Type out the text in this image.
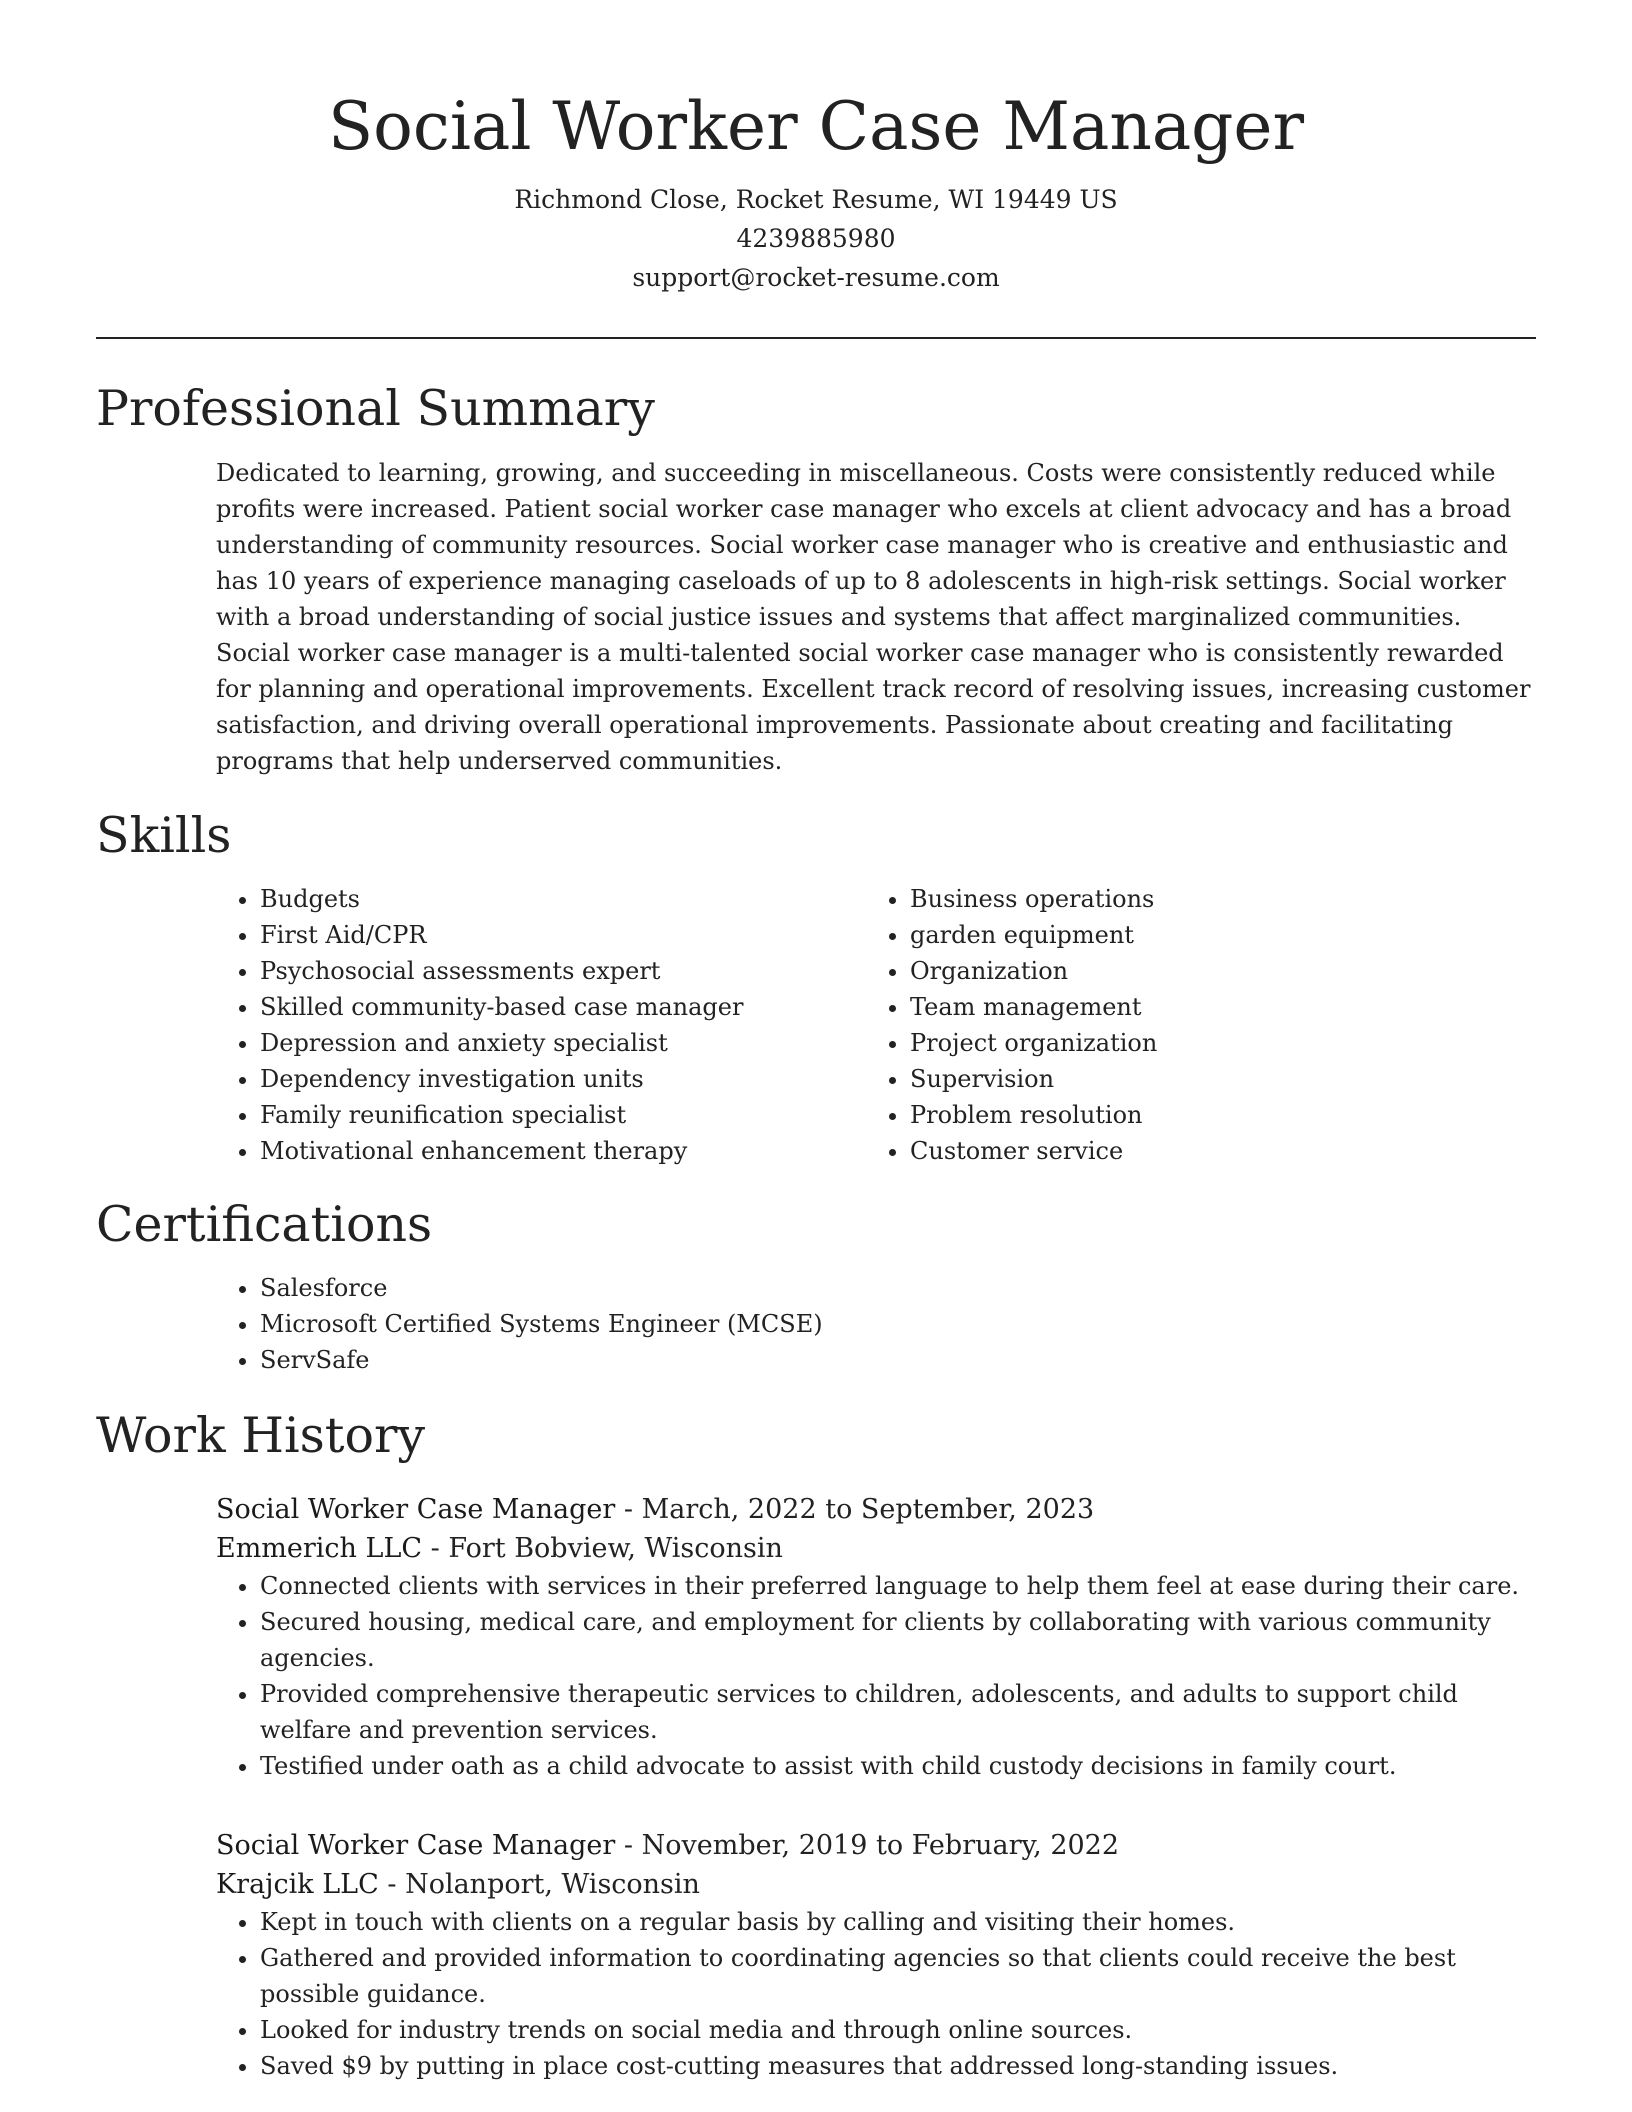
Social Worker Case Manager
Richmond Close, Rocket Resume, WI 19449 US
4239885980
support@rocket-resume.com
Professional Summary
Dedicated to learning, growing, and succeeding in miscellaneous. Costs were consistently reduced while profits were increased. Patient social worker case manager who excels at client advocacy and has a broad understanding of community resources. Social worker case manager who is creative and enthusiastic and has 10 years of experience managing caseloads of up to 8 adolescents in high-risk settings. Social worker with a broad understanding of social justice issues and systems that affect marginalized communities. Social worker case manager is a multi-talented social worker case manager who is consistently rewarded for planning and operational improvements. Excellent track record of resolving issues, increasing customer satisfaction, and driving overall operational improvements. Passionate about creating and facilitating programs that help underserved communities.
Skills
• Budgets
• First Aid/CPR
• Psychosocial assessments expert
• Skilled community-based case manager
• Depression and anxiety specialist
• Dependency investigation units
• Family reunification specialist
• Motivational enhancement therapy
• Business operations
• garden equipment
• Organization
• Team management
• Project organization
• Supervision
• Problem resolution
• Customer service
Certifications
• Salesforce
• Microsoft Certified Systems Engineer (MCSE)
• ServSafe
Work History
Social Worker Case Manager - March, 2022 to September, 2023
Emmerich LLC - Fort Bobview, Wisconsin
• Connected clients with services in their preferred language to help them feel at ease during their care.
• Secured housing, medical care, and employment for clients by collaborating with various community agencies.
• Provided comprehensive therapeutic services to children, adolescents, and adults to support child welfare and prevention services.
• Testified under oath as a child advocate to assist with child custody decisions in family court.
Social Worker Case Manager - November, 2019 to February, 2022
Krajcik LLC - Nolanport, Wisconsin
• Kept in touch with clients on a regular basis by calling and visiting their homes.
• Gathered and provided information to coordinating agencies so that clients could receive the best possible guidance.
• Looked for industry trends on social media and through online sources.
• Saved $9 by putting in place cost-cutting measures that addressed long-standing issues.
